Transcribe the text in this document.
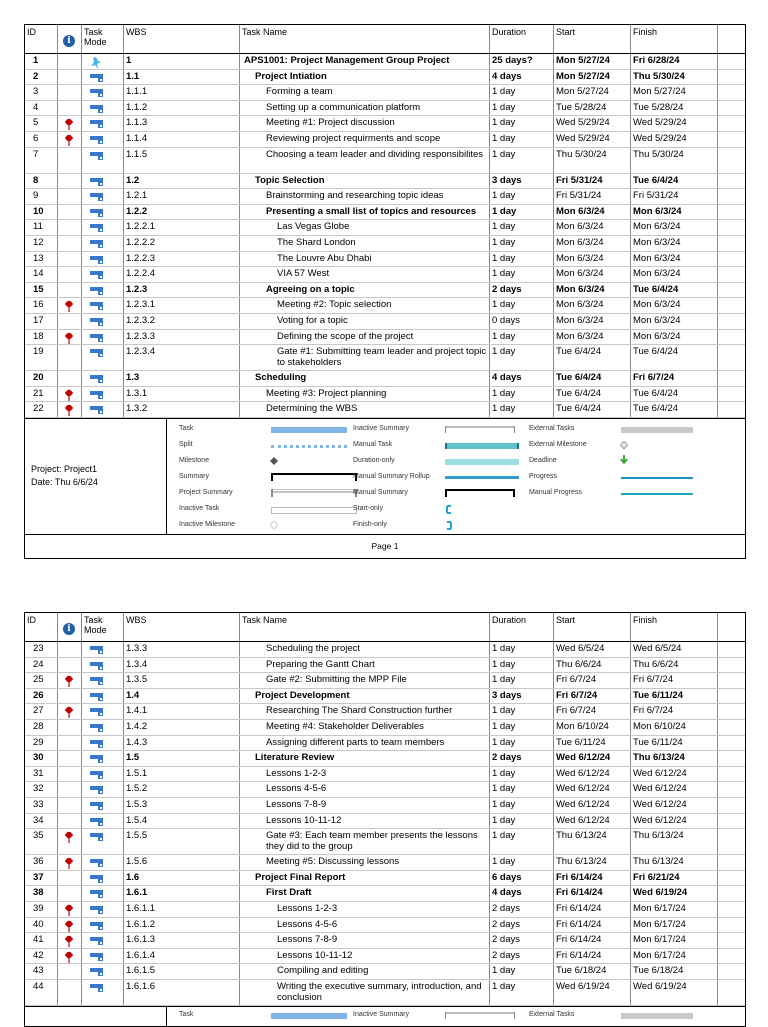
ID
i
Task Mode
WBS	Task Name	Duration	Start	Finish
1	1	APS1001: Project Management Group Project	25 days?	Mon 5/27/24	Fri 6/28/24
2	1.1	Project Intiation	4 days	Mon 5/27/24	Thu 5/30/24
3	1.1.1	Forming a team	1 day	Mon 5/27/24	Mon 5/27/24
4	1.1.2	Setting up a communication platform	1 day	Tue 5/28/24	Tue 5/28/24
5	1.1.3	Meeting #1: Project discussion	1 day	Wed 5/29/24	Wed 5/29/24
6	1.1.4	Reviewing project requirments and scope	1 day	Wed 5/29/24	Wed 5/29/24
7	1.1.5	Choosing a team leader and dividing responsibilites 1 day	Thu 5/30/24	Thu 5/30/24
8	1.2	Topic Selection	3 days	Fri 5/31/24	Tue 6/4/24
9	1.2.1	Brainstorming and researching topic ideas	1 day	Fri 5/31/24	Fri 5/31/24
10	1.2.2	Presenting a small list of topics and resources	1 day	Mon 6/3/24	Mon 6/3/24
11	1.2.2.1	Las Vegas Globe	1 day	Mon 6/3/24	Mon 6/3/24
12	1.2.2.2	The Shard London	1 day	Mon 6/3/24	Mon 6/3/24
13	1.2.2.3	The Louvre Abu Dhabi	1 day	Mon 6/3/24	Mon 6/3/24
14	1.2.2.4	VIA 57 West	1 day	Mon 6/3/24	Mon 6/3/24
15	1.2.3	Agreeing on a topic	2 days	Mon 6/3/24	Tue 6/4/24
16	1.2.3.1	Meeting #2: Topic selection	1 day	Mon 6/3/24	Mon 6/3/24
17	1.2.3.2	Voting for a topic	0 days	Mon 6/3/24	Mon 6/3/24
18	1.2.3.3	Defining the scope of the project	1 day	Mon 6/3/24	Mon 6/3/24
19	1.2.3.4	Gate #1: Submitting team leader and project topic to stakeholders
1 day	Tue 6/4/24	Tue 6/4/24
20	1.3	Scheduling	4 days	Tue 6/4/24	Fri 6/7/24
21	1.3.1	Meeting #3: Project planning	1 day	Tue 6/4/24	Tue 6/4/24
22	1.3.2	Determining the WBS	1 day	Tue 6/4/24	Tue 6/4/24
Project: Project1
Date: Thu 6/6/24
Task
Split
Milestone
Summary
Project Summary
Inactive Task
Inactive Milestone
Inactive Summary
Manual Task
Duration-only
Manual Summary Rollup
Manual Summary
Start-only
Finish-only
External Tasks
External Milestone
Deadline
Progress
Manual Progress
Page 1
ID
i
Task Mode
WBS	Task Name	Duration	Start	Finish
23	1.3.3	Scheduling the project	1 day	Wed 6/5/24	Wed 6/5/24
24	1.3.4	Preparing the Gantt Chart	1 day	Thu 6/6/24	Thu 6/6/24
25	1.3.5	Gate #2: Submitting the MPP File	1 day	Fri 6/7/24	Fri 6/7/24
26	1.4	Project Development	3 days	Fri 6/7/24	Tue 6/11/24
27	1.4.1	Researching The Shard Construction further	1 day	Fri 6/7/24	Fri 6/7/24
28	1.4.2	Meeting #4: Stakeholder Deliverables	1 day	Mon 6/10/24	Mon 6/10/24
29	1.4.3	Assigning different parts to team members	1 day	Tue 6/11/24	Tue 6/11/24
30	1.5	Literature Review	2 days	Wed 6/12/24	Thu 6/13/24
31	1.5.1	Lessons 1-2-3	1 day	Wed 6/12/24	Wed 6/12/24
32	1.5.2	Lessons 4-5-6	1 day	Wed 6/12/24	Wed 6/12/24
33	1.5.3	Lessons 7-8-9	1 day	Wed 6/12/24	Wed 6/12/24
34	1.5.4	Lessons 10-11-12	1 day	Wed 6/12/24	Wed 6/12/24
35	1.5.5	Gate #3: Each team member presents the lessons they did to the group
1 day	Thu 6/13/24	Thu 6/13/24
36	1.5.6	Meeting #5: Discussing lessons	1 day	Thu 6/13/24	Thu 6/13/24
37	1.6	Project Final Report	6 days	Fri 6/14/24	Fri 6/21/24
38	1.6.1	First Draft	4 days	Fri 6/14/24	Wed 6/19/24
39	1.6.1.1	Lessons 1-2-3	2 days	Fri 6/14/24	Mon 6/17/24
40	1.6.1.2	Lessons 4-5-6	2 days	Fri 6/14/24	Mon 6/17/24
41	1.6.1.3	Lessons 7-8-9	2 days	Fri 6/14/24	Mon 6/17/24
42	1.6.1.4	Lessons 10-11-12	2 days	Fri 6/14/24	Mon 6/17/24
43	1.6.1.5	Compiling and editing	1 day	Tue 6/18/24	Tue 6/18/24
44	1.6.1.6	Writing the executive summary, introduction, and conclusion
1 day	Wed 6/19/24	Wed 6/19/24
Task	Inactive Summary	External Tasks
